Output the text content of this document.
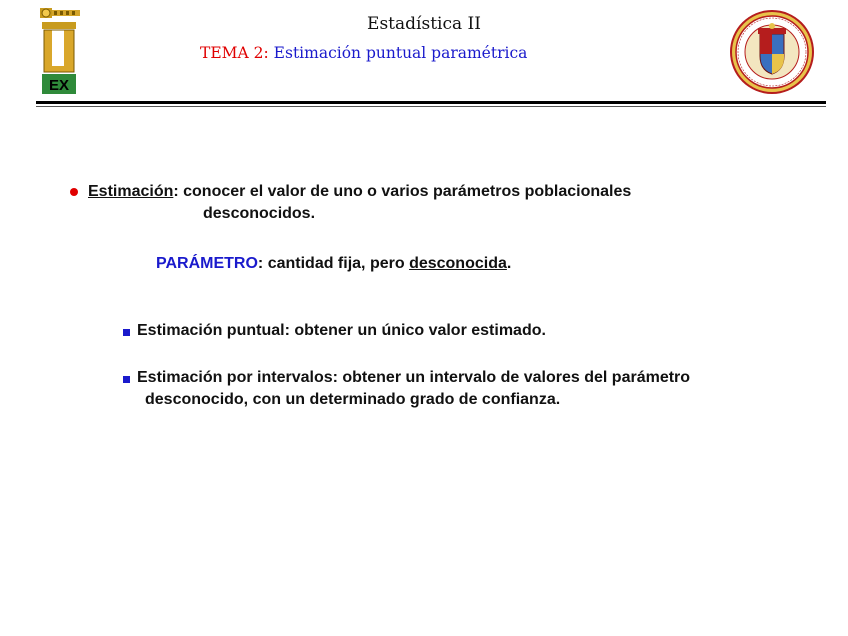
EX
Estadística II
TEMA 2: Estimación puntual paramétrica
Estimación: conocer el valor de uno o varios parámetros poblacionales
desconocidos.
PARÁMETRO: cantidad fija, pero desconocida.
Estimación puntual: obtener un único valor estimado.
Estimación por intervalos: obtener un intervalo de valores del parámetro
desconocido, con un determinado grado de confianza.
